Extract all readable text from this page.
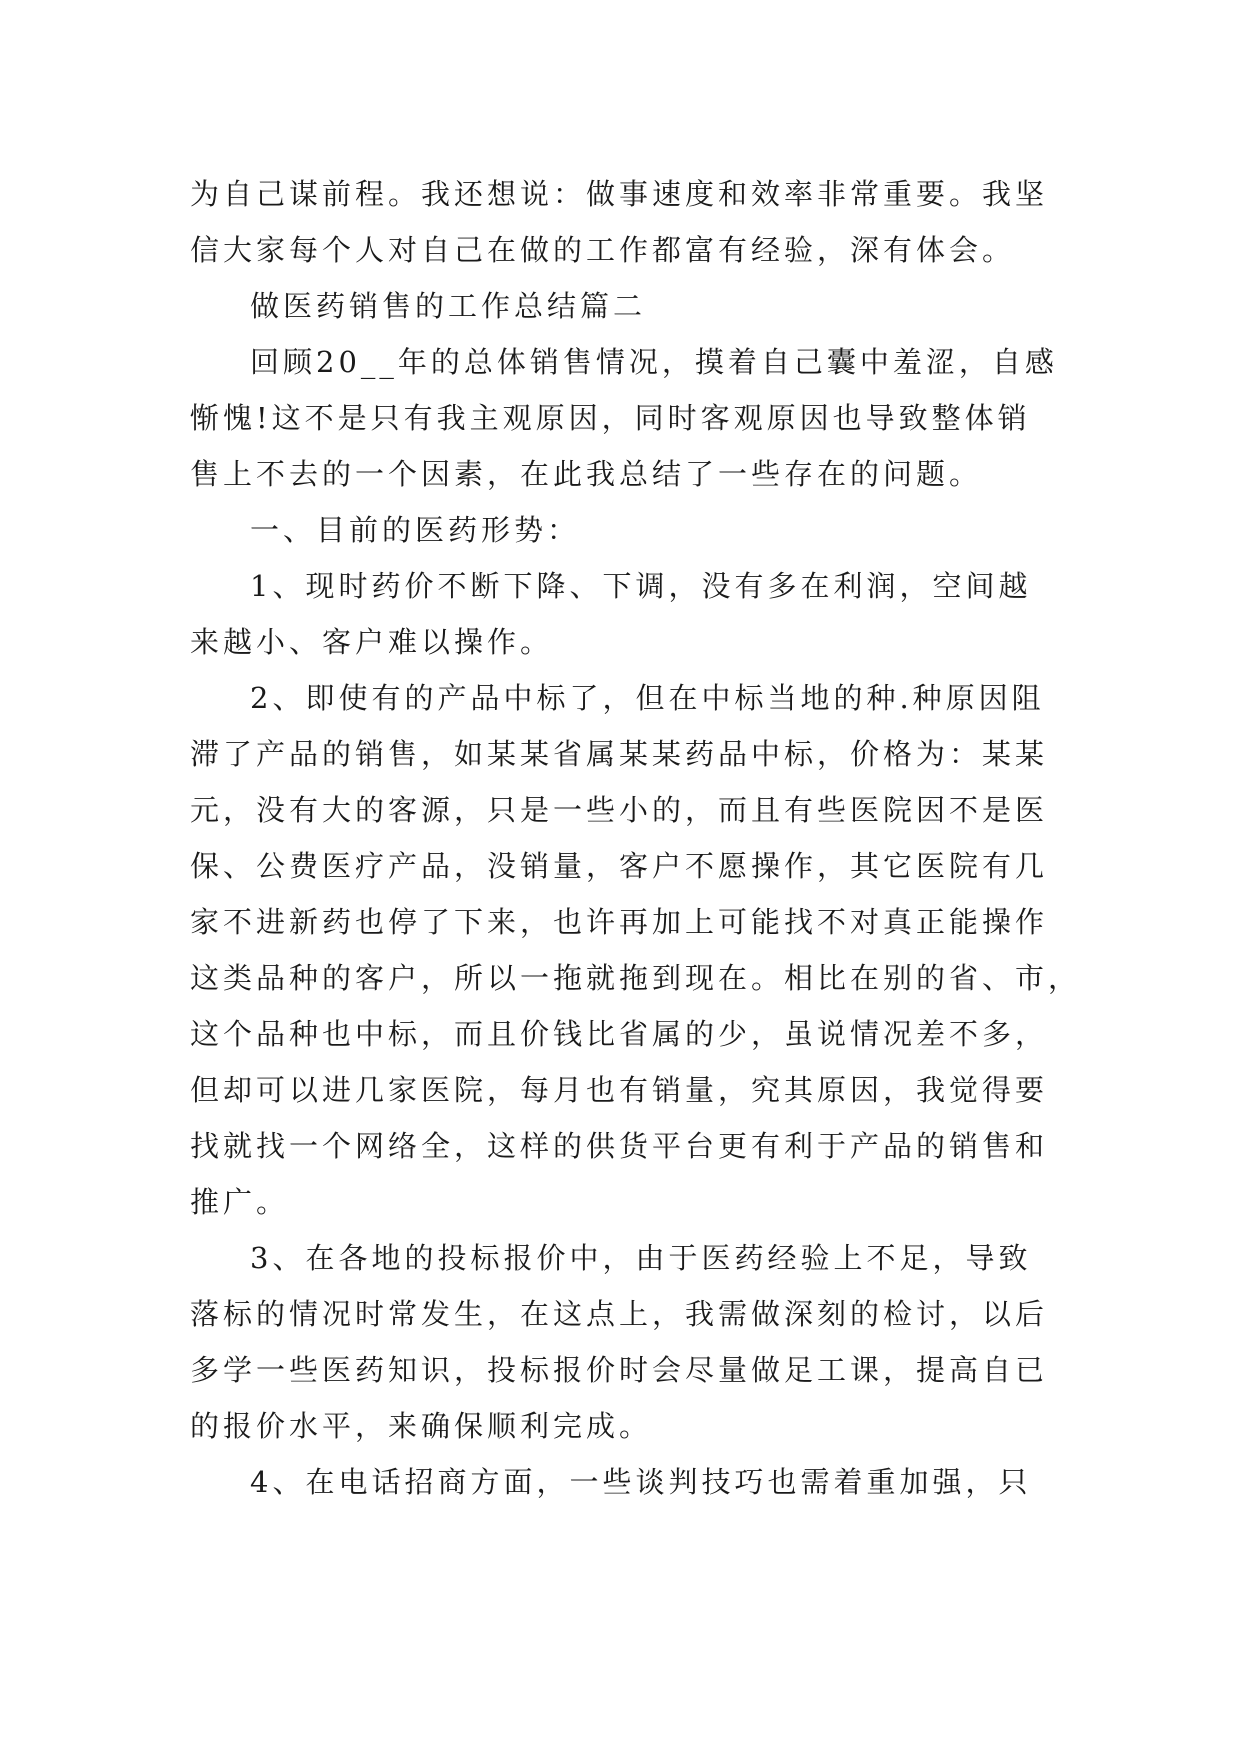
为自己谋前程。我还想说：做事速度和效率非常重要。我坚
信大家每个人对自己在做的工作都富有经验，深有体会。
做医药销售的工作总结篇二
回顾20__年的总体销售情况，摸着自己囊中羞涩，自感
惭愧!这不是只有我主观原因，同时客观原因也导致整体销
售上不去的一个因素，在此我总结了一些存在的问题。
一、目前的医药形势：
1、现时药价不断下降、下调，没有多在利润，空间越
来越小、客户难以操作。
2、即使有的产品中标了，但在中标当地的种.种原因阻
滞了产品的销售，如某某省属某某药品中标，价格为：某某
元，没有大的客源，只是一些小的，而且有些医院因不是医
保、公费医疗产品，没销量，客户不愿操作，其它医院有几
家不进新药也停了下来，也许再加上可能找不对真正能操作
这类品种的客户，所以一拖就拖到现在。相比在别的省、市，
这个品种也中标，而且价钱比省属的少，虽说情况差不多，
但却可以进几家医院，每月也有销量，究其原因，我觉得要
找就找一个网络全，这样的供货平台更有利于产品的销售和
推广。
3、在各地的投标报价中，由于医药经验上不足，导致
落标的情况时常发生，在这点上，我需做深刻的检讨，以后
多学一些医药知识，投标报价时会尽量做足工课，提高自已
的报价水平，来确保顺利完成。
4、在电话招商方面，一些谈判技巧也需着重加强，只
